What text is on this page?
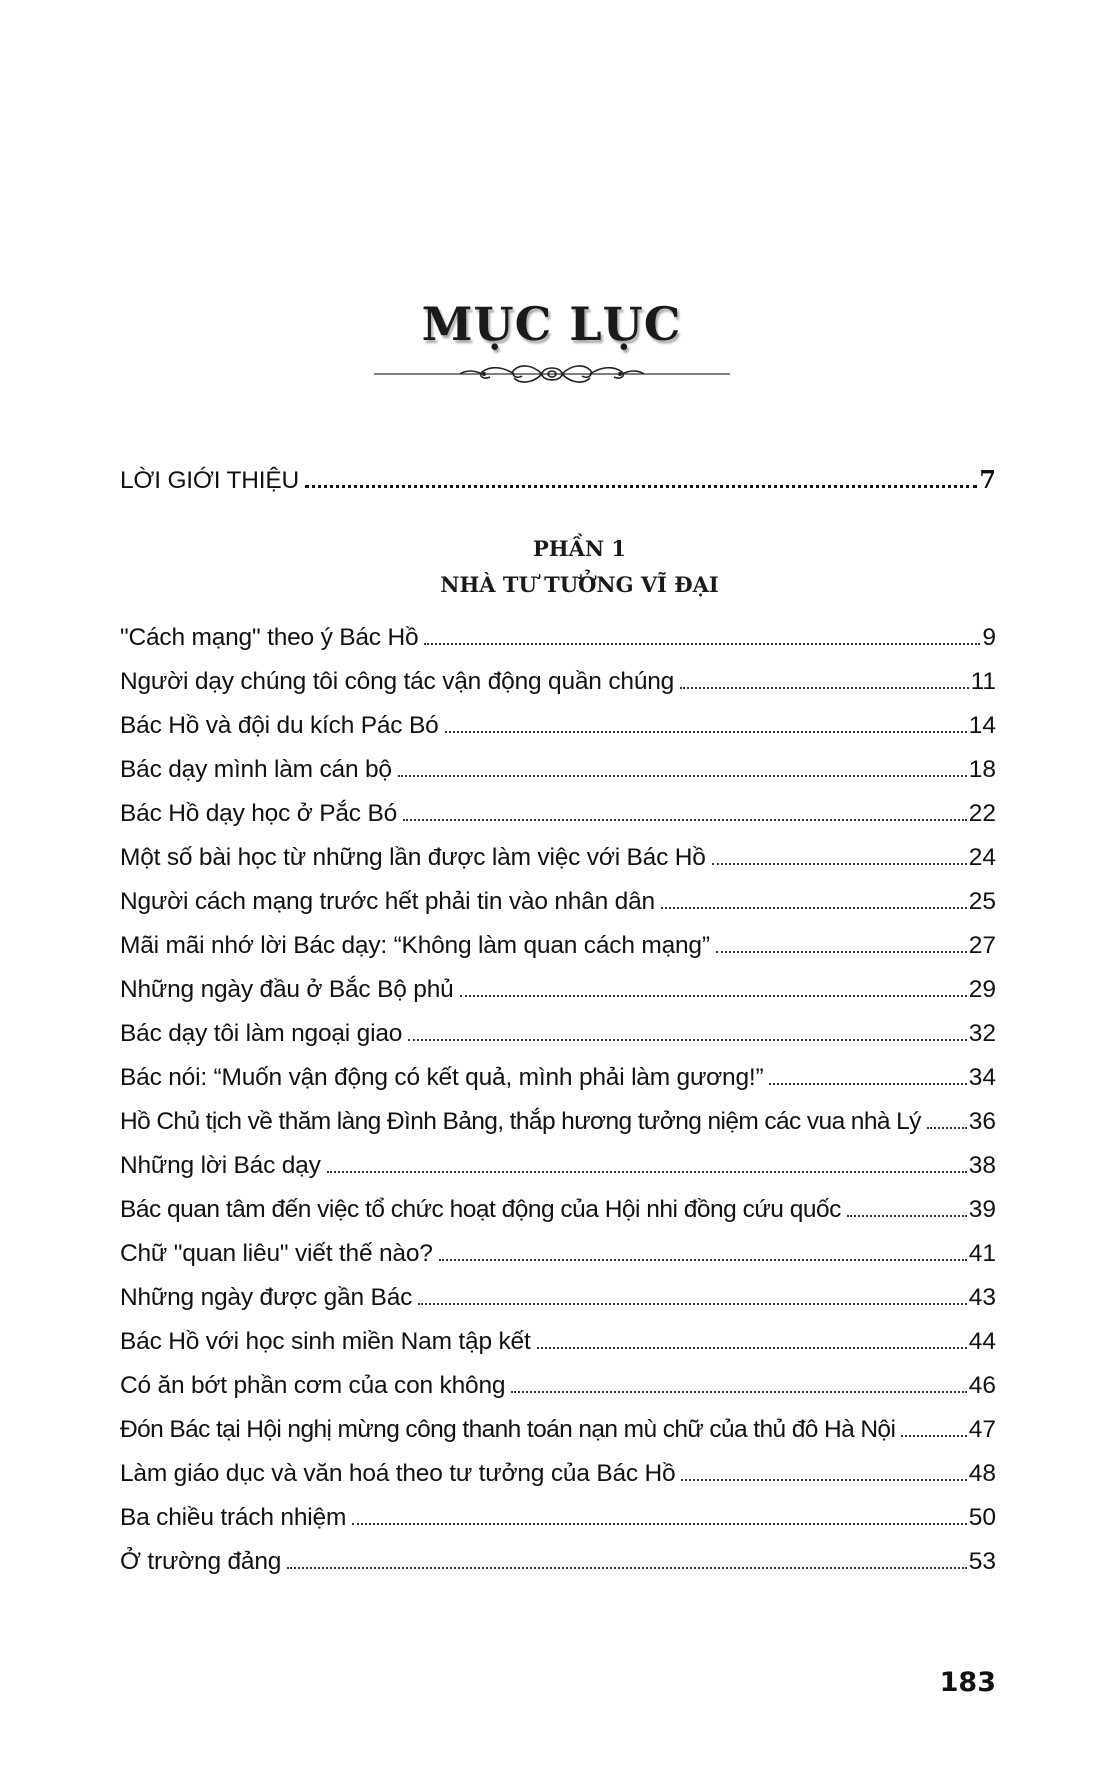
MỤC LỤC
LỜI GIỚI THIỆU	7
PHẦN 1
NHÀ TƯ TƯỞNG VĨ ĐẠI
"Cách mạng" theo ý Bác Hồ	9
Người dạy chúng tôi công tác vận động quần chúng	11
Bác Hồ và đội du kích Pác Bó	14
Bác dạy mình làm cán bộ	18
Bác Hồ dạy học ở Pắc Bó	22
Một số bài học từ những lần được làm việc với Bác Hồ	24
Người cách mạng trước hết phải tin vào nhân dân	25
Mãi mãi nhớ lời Bác dạy: “Không làm quan cách mạng”	27
Những ngày đầu ở Bắc Bộ phủ	29
Bác dạy tôi làm ngoại giao	32
Bác nói: “Muốn vận động có kết quả, mình phải làm gương!”	34
Hồ Chủ tịch về thăm làng Đình Bảng, thắp hương tưởng niệm các vua nhà Lý 36
Những lời Bác dạy	38
Bác quan tâm đến việc tổ chức hoạt động của Hội nhi đồng cứu quốc	39
Chữ "quan liêu" viết thế nào?	41
Những ngày được gần Bác	43
Bác Hồ với học sinh miền Nam tập kết	44
Có ăn bớt phần cơm của con không	46
Đón Bác tại Hội nghị mừng công thanh toán nạn mù chữ của thủ đô Hà Nội	47
Làm giáo dục và văn hoá theo tư tưởng của Bác Hồ	48
Ba chiều trách nhiệm	50
Ở trường đảng	53
183
